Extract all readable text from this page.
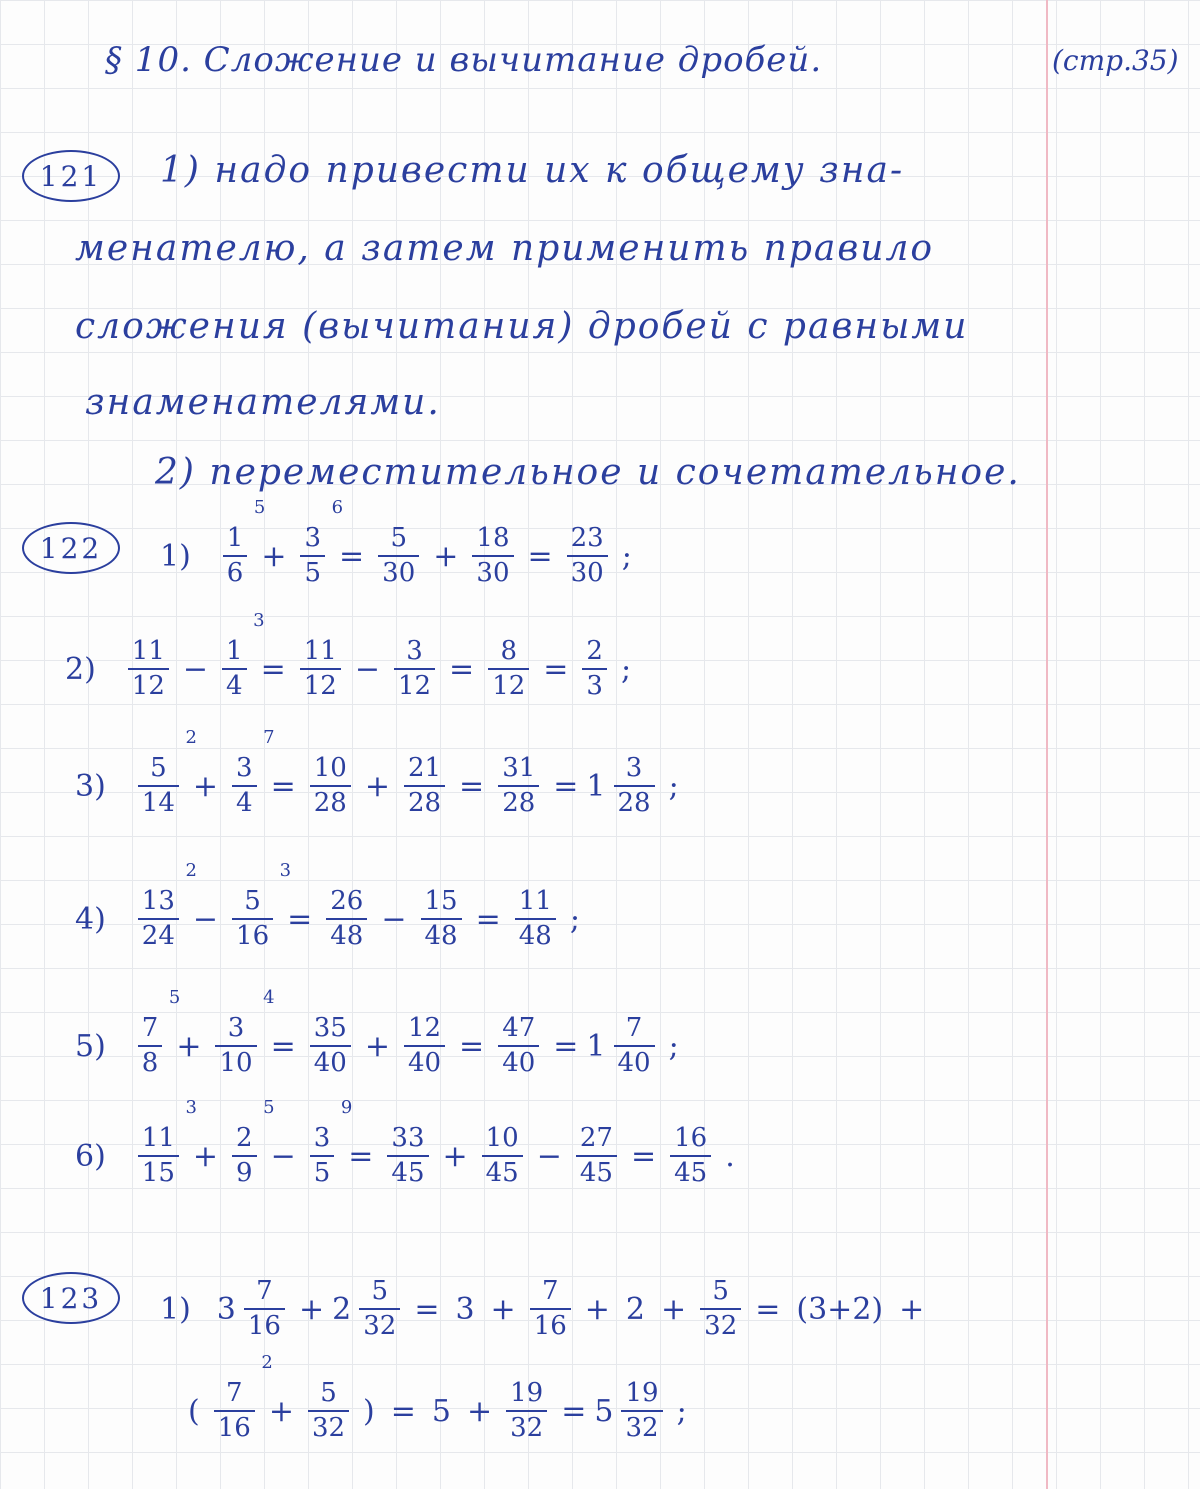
§ 10. Сложение и вычитание дробей.	(стр.35)
121	1) надо привести их к общему зна-
менателю, а затем применить правило
сложения (вычитания) дробей с равными
знаменателями.
2) переместительное и сочетательное.
122	1)
5
1
6 +
6
3
$5 = \frac{5}{30} + \frac{18}{30} = \frac{23}{30}$ ;
$2) \frac{11}{12}$ −
3
1
$4 = \frac{11}{12} - \frac{3}{12} = \frac{8}{12} = \frac{2}{3}$ ;
3)
2
5
14 +
7
3
$4 = \frac{10}{28} + \frac{21}{28} = \frac{31}{28} = 1 \frac{3}{28}$ ;
4)
2
13
24 −
3
5
$16 = \frac{26}{48} - \frac{15}{48} = \frac{11}{48}$ ;
5)
5
7
8 +
4
3
$10 = \frac{35}{40} + \frac{12}{40} = \frac{47}{40} = 1 \frac{7}{40}$ ;
6)
3
11
15 +
5
2
9 −
9
3
$5 = \frac{33}{45} + \frac{10}{45} - \frac{27}{45} = \frac{16}{45}$ .
123	1) $3 \frac{7}{16} + 2 \frac{5}{32} = 3 + \frac{7}{16} + 2 + \frac{5}{32} = (3+2)$ +
(
2
7
$16 + \frac{5}{32}$ ) = $5 + \frac{19}{32} = 5 \frac{19}{32}$ ;
